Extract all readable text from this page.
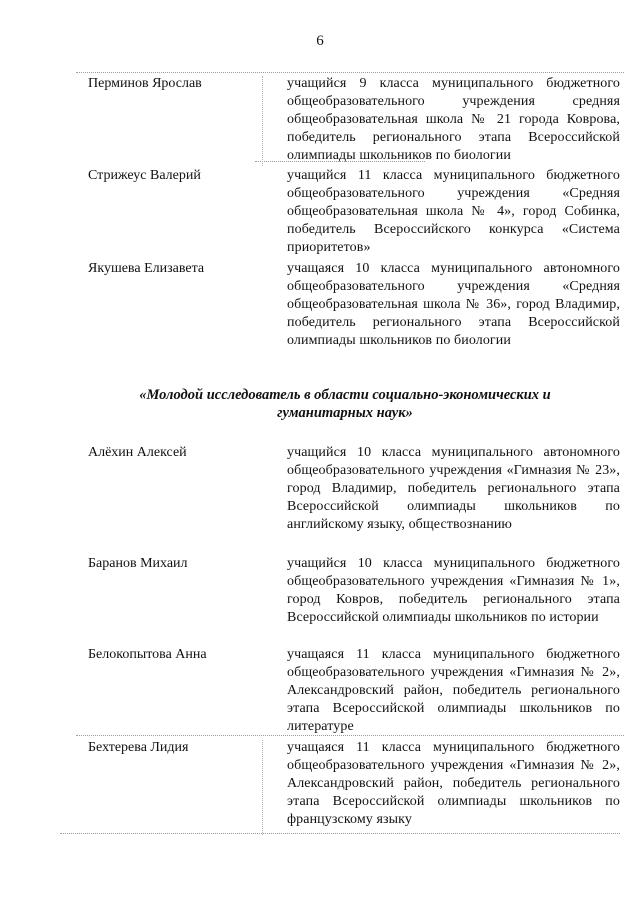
6
Перминов Ярослав	учащийся 9 класса муниципального бюджетного общеобразовательного учреждения средняя общеобразовательная школа № 21 города Коврова, победитель регионального этапа Всероссийской олимпиады школьников по биологии
Стрижеус Валерий	учащийся 11 класса муниципального бюджетного общеобразовательного учреждения «Средняя общеобразовательная школа № 4», город Собинка, победитель Всероссийского конкурса «Система приоритетов»
Якушева Елизавета	учащаяся 10 класса муниципального автономного общеобразовательного учреждения «Средняя общеобразовательная школа № 36», город Владимир, победитель регионального этапа Всероссийской олимпиады школьников по биологии
«Молодой исследователь в области социально-экономических и гуманитарных наук»
Алёхин Алексей	учащийся 10 класса муниципального автономного общеобразовательного учреждения «Гимназия № 23», город Владимир, победитель регионального этапа Всероссийской олимпиады школьников по английскому языку, обществознанию
Баранов Михаил	учащийся 10 класса муниципального бюджетного общеобразовательного учреждения «Гимназия № 1», город Ковров, победитель регионального этапа Всероссийской олимпиады школьников по истории
Белокопытова Анна	учащаяся 11 класса муниципального бюджетного общеобразовательного учреждения «Гимназия № 2», Александровский район, победитель регионального этапа Всероссийской олимпиады школьников по литературе
Бехтерева Лидия	учащаяся 11 класса муниципального бюджетного общеобразовательного учреждения «Гимназия № 2», Александровский район, победитель регионального этапа Всероссийской олимпиады школьников по французскому языку
